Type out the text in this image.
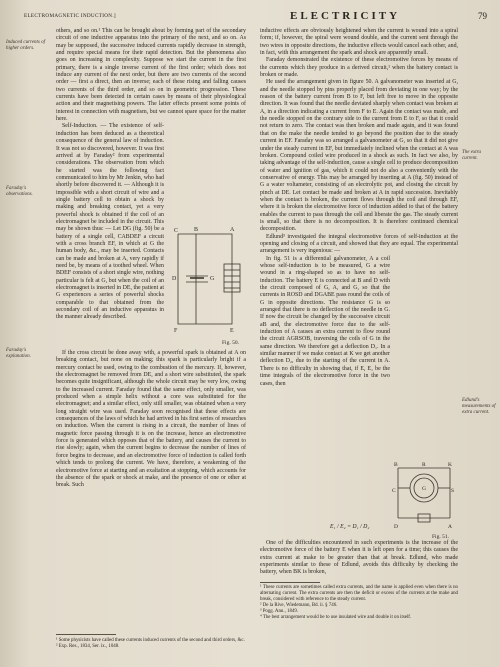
ELECTROMAGNETIC INDUCTION.]	ELECTRICITY	79
Induced currents of higher orders.
Faraday's observations.
Faraday's explanation.
The extra current.
Edlund's measurements of extra current.

others, and so on.¹ This can be brought about by forming part of the secondary circuit of one inductive apparatus into the primary of the next, and so on. As may be supposed, the successive induced currents rapidly decrease in strength, and require special means for their rapid detection. But the phenomena also goes on increasing in complexity. Suppose we start the current in the first primary, there is a single inverse current of the first order; which does not induce any current of the next order, but there are two currents of the second order — first a direct, then an inverse; each of these rising and falling causes two currents of the third order, and so on in geometric progression. These currents have been detected in certain cases by means of their physiological action and their magnetising powers. The latter effects present some points of interest in connection with magnetism, but we cannot spare space for the matter here.

Self-Induction. — The existence of self-induction has been deduced as a theoretical consequence of the general law of induction. It was not so discovered, however. It was first arrived at by Faraday² from experimental considerations. The observation from which he started was the following fact communicated to him by Mr Jenkin, who had shortly before discovered it. — Although it is impossible with a short circuit of wire and a single battery cell to obtain a shock by making and breaking contact, yet a very powerful shock is obtained if the coil of an electromagnet be included in the circuit. This may be shown thus: — Let DG (fig. 50) be a battery of a single cell, CABDEF a circuit with a cross branch EF, in which at G the human body, &c., may be inserted. Contacts can be made and broken at A, very rapidly if need be, by means of a toothed wheel. When BDEF consists of a short single wire, nothing particular is felt at G, but when the coil of an electromagnet is inserted in DE, the patient at G experiences a series of powerful shocks comparable to that obtained from the secondary coil of an inductive apparatus in the manner already described.

C	B	A
D	G
F	E
Fig. 50.

If the cross circuit be done away with, a powerful spark is obtained at A on breaking contact, but none on making; this spark is particularly bright if a mercury contact be used, owing to the combustion of the mercury. If, however, the electromagnet be removed from DE, and a short wire substituted, the spark becomes quite insignificant, although the whole circuit may be very low, owing to the increased current. Faraday found that the same effect, only smaller, was produced when a simple helix without a core was substituted for the electromagnet; and a similar effect, only still smaller, was obtained when a very long straight wire was used. Faraday soon recognised that these effects are consequences of the laws of which he had arrived in his first series of researches on induction. When the current is rising in a circuit, the number of lines of magnetic force passing through it is on the increase, hence an electromotive force is generated which opposes that of the battery, and causes the current to rise slowly; again, when the current begins to decrease the number of lines of force begins to decrease, and an electromotive force of induction is called forth which tends to prolong the current. We have, therefore, a weakening of the electromotive force at starting and an exaltation at stopping, which accounts for the absence of the spark or shock at make, and the presence of one or other at break. Such

¹ Some physicists have called these currents induced currents of the second and third orders, &c.
² Exp. Res., 1834, Ser. ix., 1048.

inductive effects are obviously heightened when the current is wound into a spiral form; if, however, the spiral were wound double, and the current sent through the two wires in opposite directions, the inductive effects would cancel each other, and, in fact, with this arrangement the spark and shock are apparently small.

Faraday demonstrated the existence of these electromotive forces by means of the currents which they produce in a derived circuit,¹ when the battery contact is broken or made.

He used the arrangement given in figure 50. A galvanometer was inserted at G, and the needle stopped by pins properly placed from deviating in one way; by the reason of the battery current from B to F, but left free to move in the opposite direction. It was found that the needle deviated sharply when contact was broken at A, in a direction indicating a current from F to E. Again the contact was made, and the needle stopped on the contrary side to the current from E to F, so that it could not return to zero. The contact was then broken and made again, and it was found that on the make the needle tended to go beyond the position due to the steady current in EF. Faraday was so arranged a galvanometer at G, so that it did not give under the steady current in EF, but immediately inclined when the contact at A was broken. Compound coiled wire produced in a shock as such. In fact we also, by taking advantage of the self-induction, cause a single cell to produce decomposition of water and ignition of gas, which it could not do also a conveniently with the conservative of energy. This may be arranged by inserting at A (fig. 50) instead of G a water voltameter, consisting of an electrolytic pot, and closing the circuit by pinch at DE. Let contact be made and broken at A in rapid succession. Inevitably when the contact is broken, the current flows through the coil and through EF, where it is broken the electromotive force of induction added to that of the battery enables the current to pass through the cell and liberate the gas. The steady current is small, so that there is no decomposition. It is therefore continued chemical decomposition.

Edlund³ investigated the integral electromotive forces of self-induction at the opening and closing of a circuit, and showed that they are equal. The experimental arrangement is very ingenious: —

In fig. 51 is a differential galvanometer, A a coil whose self-induction is to be measured, G a wire wound in a ring-shaped so as to have no self-induction. The battery E is connected at B and D with the circuit composed of G, A, and G, so that the currents in ROSD and DGABE pass round the coils of G in opposite directions. The resistance G is so arranged that there is no deflection of the needle in G. If now the circuit be changed by the successive circuit aB and, the electromotive force due to the self-induction of A causes an extra current to flow round the circuit AGRSOB, traversing the coils of G in the same direction. We therefore get a deflection D₁. In a similar manner if we make contact at K we get another deflection D₂, due to the starting of the current in A. There is no difficulty in showing that, if E, E₁ be the time integrals of the electromotive force in the two cases, then

B	R	K
C	S
G
D	A
Fig. 51.
E₁ / E₂ = D₁ / D₂

One of the difficulties encountered in such experiments is the increase of the electromotive force of the battery E when it is left open for a time; this causes the extra current at make to be greater than that at break. Edlund, who made experiments similar to these of Edlund, avoids this difficulty by checking the battery, when BK is broken,

¹ These currents are sometimes called extra currents, and the name is applied even when there is no alternating current. The extra currents are then the deficit or excess of the currents at the make and break, considered with reference to the steady current.
² De la Rive, Wiedemann, Bd. ii. § 746.
³ Pogg. Ann., 1849.
⁴ The best arrangement would be to use insulated wire and double it on itself.
